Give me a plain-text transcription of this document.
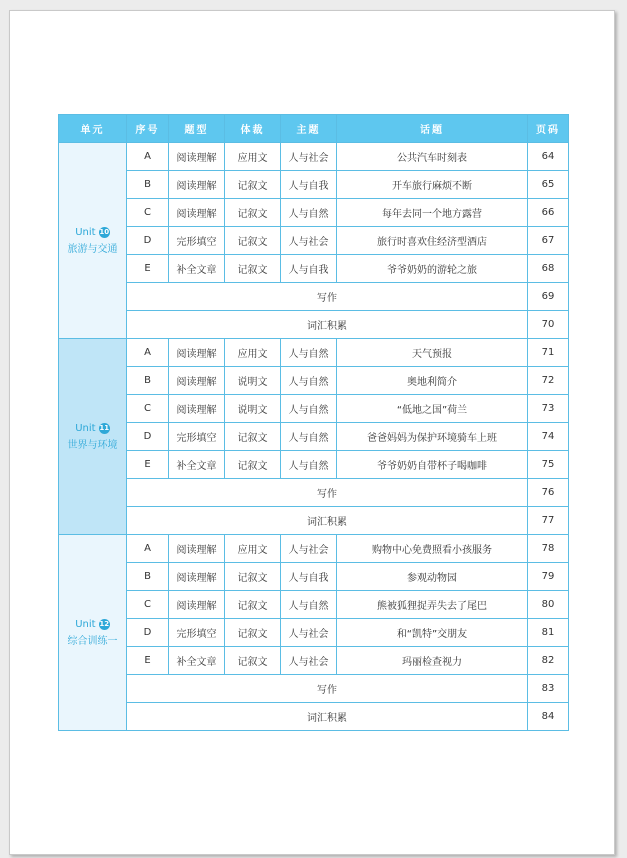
单元	序号	题型	体裁	主题	话题	页码
Unit 10
旅游与交通	A	阅读理解	应用文	人与社会	公共汽车时刻表	64
	B	阅读理解	记叙文	人与自我	开车旅行麻烦不断	65
	C	阅读理解	记叙文	人与自然	每年去同一个地方露营	66
	D	完形填空	记叙文	人与社会	旅行时喜欢住经济型酒店	67
	E	补全文章	记叙文	人与自我	爷爷奶奶的游轮之旅	68
	写作					69
	词汇积累					70
Unit 11
世界与环境	A	阅读理解	应用文	人与自然	天气预报	71
	B	阅读理解	说明文	人与自然	奥地利简介	72
	C	阅读理解	说明文	人与自然	“低地之国”荷兰	73
	D	完形填空	记叙文	人与自然	爸爸妈妈为保护环境骑车上班	74
	E	补全文章	记叙文	人与自然	爷爷奶奶自带杯子喝咖啡	75
	写作					76
	词汇积累					77
Unit 12
综合训练一	A	阅读理解	应用文	人与社会	购物中心免费照看小孩服务	78
	B	阅读理解	记叙文	人与自我	参观动物园	79
	C	阅读理解	记叙文	人与自然	熊被狐狸捉弄失去了尾巴	80
	D	完形填空	记叙文	人与社会	和“凯特”交朋友	81
	E	补全文章	记叙文	人与社会	玛丽检查视力	82
	写作					83
	词汇积累					84
